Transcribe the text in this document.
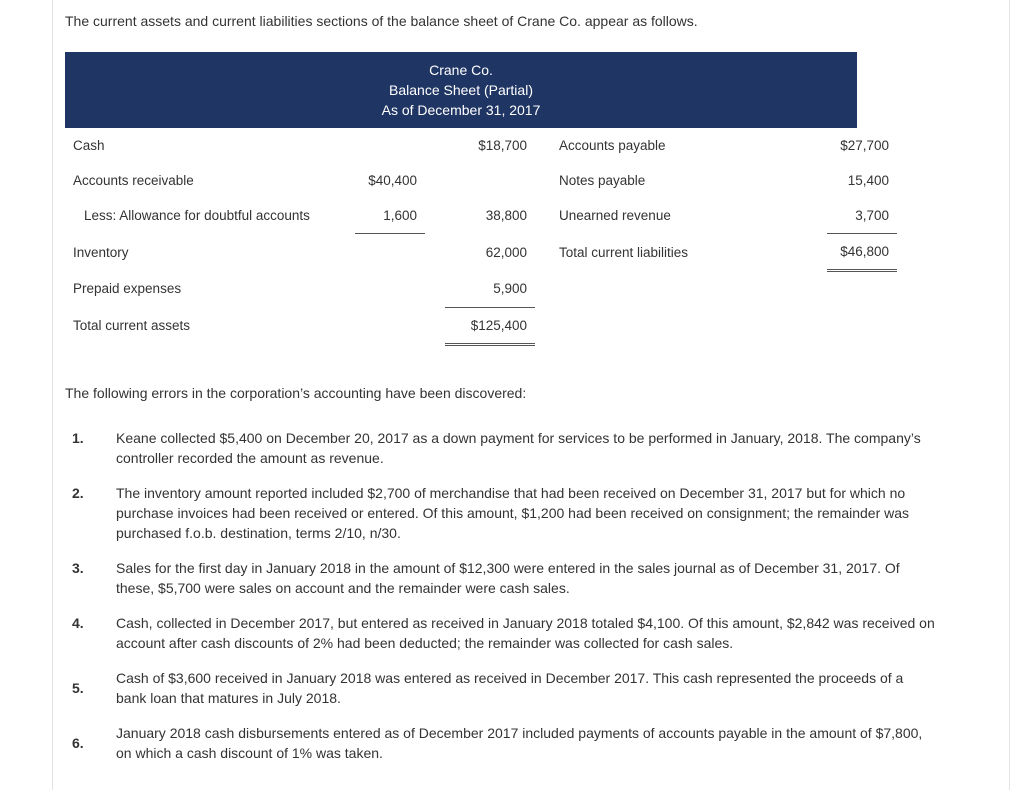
The current assets and current liabilities sections of the balance sheet of Crane Co. appear as follows.
Crane Co.
Balance Sheet (Partial)
As of December 31, 2017
Cash			$18,700		Accounts payable		$27,700
Accounts receivable	$40,400				Notes payable		15,400
Less: Allowance for doubtful accounts	1,600		38,800		Unearned revenue		3,700
Inventory			62,000		Total current liabilities		$46,800
Prepaid expenses			5,900				
Total current assets			$125,400				
The following errors in the corporation’s accounting have been discovered:
1. Keane collected $5,400 on December 20, 2017 as a down payment for services to be performed in January, 2018. The company’s controller recorded the amount as revenue.
2. The inventory amount reported included $2,700 of merchandise that had been received on December 31, 2017 but for which no purchase invoices had been received or entered. Of this amount, $1,200 had been received on consignment; the remainder was purchased f.o.b. destination, terms 2/10, n/30.
3. Sales for the first day in January 2018 in the amount of $12,300 were entered in the sales journal as of December 31, 2017. Of these, $5,700 were sales on account and the remainder were cash sales.
4. Cash, collected in December 2017, but entered as received in January 2018 totaled $4,100. Of this amount, $2,842 was received on account after cash discounts of 2% had been deducted; the remainder was collected for cash sales.
5.
Cash of $3,600 received in January 2018 was entered as received in December 2017. This cash represented the proceeds of a bank loan that matures in July 2018.
6.
January 2018 cash disbursements entered as of December 2017 included payments of accounts payable in the amount of $7,800, on which a cash discount of 1% was taken.
